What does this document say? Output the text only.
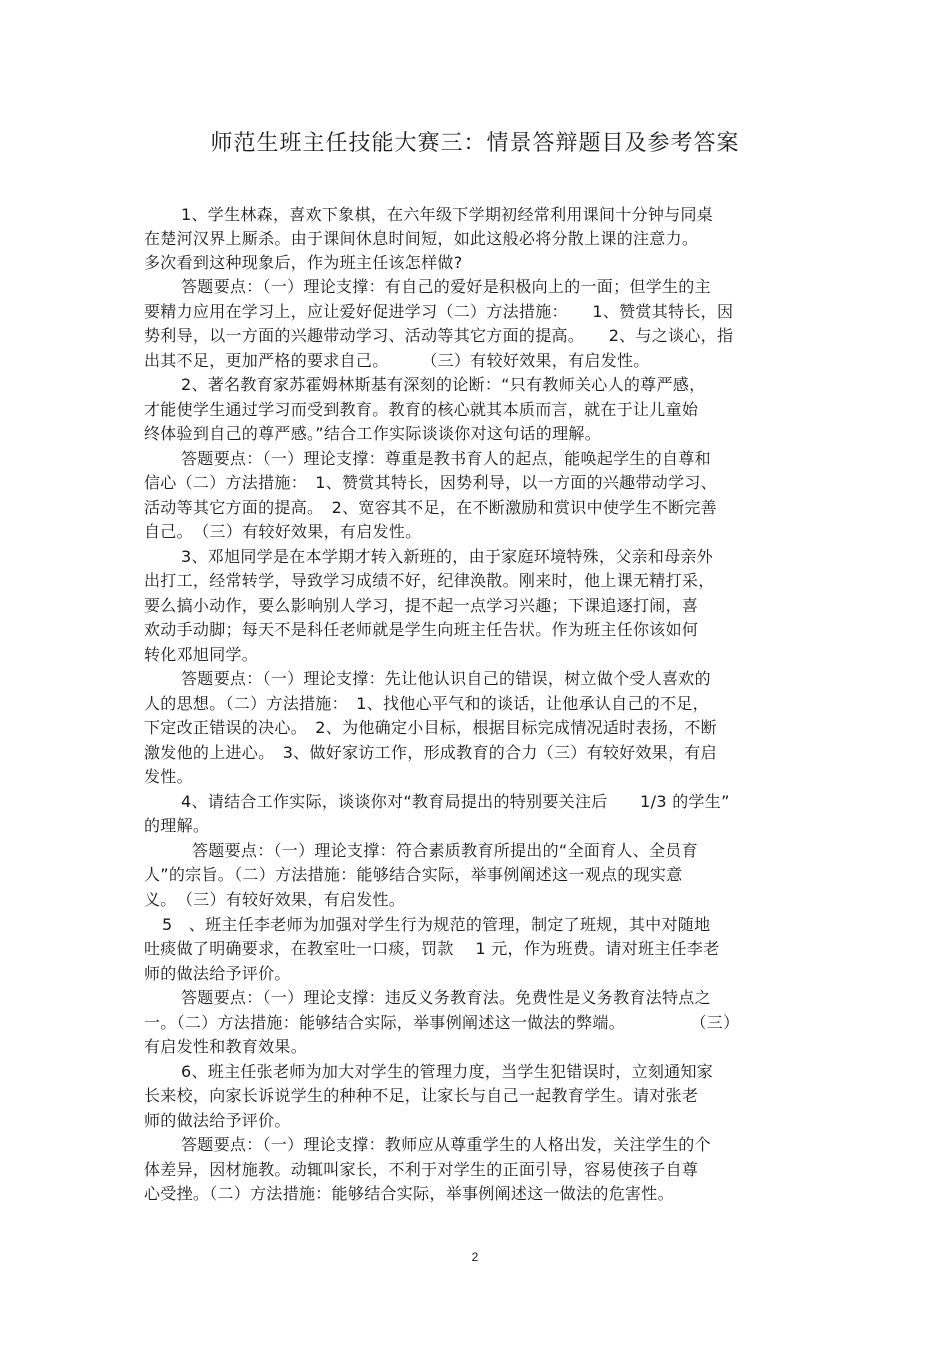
师范生班主任技能大赛三：情景答辩题目及参考答案
1、学生林森，喜欢下象棋，在六年级下学期初经常利用课间十分钟与同桌
在楚河汉界上厮杀。由于课间休息时间短，如此这般必将分散上课的注意力。
多次看到这种现象后，作为班主任该怎样做?
答题要点：（一）理论支撑：有自己的爱好是积极向上的一面；但学生的主
要精力应用在学习上，应让爱好促进学习（二）方法措施：　　1、赞赏其特长，因
势利导，以一方面的兴趣带动学习、活动等其它方面的提高。　　2、与之谈心，指
出其不足，更加严格的要求自己。　　　（三）有较好效果，有启发性。
2、著名教育家苏霍姆林斯基有深刻的论断：“只有教师关心人的尊严感，
才能使学生通过学习而受到教育。教育的核心就其本质而言，就在于让儿童始
终体验到自己的尊严感。”结合工作实际谈谈你对这句话的理解。
答题要点：（一）理论支撑：尊重是教书育人的起点，能唤起学生的自尊和
信心（二）方法措施：　1、赞赏其特长，因势利导，以一方面的兴趣带动学习、
活动等其它方面的提高。　2、宽容其不足，在不断激励和赏识中使学生不断完善
自己。　（三）有较好效果，有启发性。
3、邓旭同学是在本学期才转入新班的，由于家庭环境特殊，父亲和母亲外
出打工，经常转学，导致学习成绩不好，纪律涣散。刚来时，他上课无精打采，
要么搞小动作，要么影响别人学习，提不起一点学习兴趣；下课追逐打闹，喜
欢动手动脚；每天不是科任老师就是学生向班主任告状。作为班主任你该如何
转化邓旭同学。
答题要点：（一）理论支撑：先让他认识自己的错误，树立做个受人喜欢的
人的思想。（二）方法措施：　1、找他心平气和的谈话，让他承认自己的不足，
下定改正错误的决心。　2、为他确定小目标，根据目标完成情况适时表扬，不断
激发他的上进心。　3、做好家访工作，形成教育的合力（三）有较好效果，有启
发性。
4、请结合工作实际，谈谈你对“教育局提出的特别要关注后　　1/3 的学生”
的理解。
答题要点：（一）理论支撑：符合素质教育所提出的“全面育人、全员育
人”的宗旨。（二）方法措施：能够结合实际，举事例阐述这一观点的现实意
义。　（三）有较好效果，有启发性。
5　、班主任李老师为加强对学生行为规范的管理，制定了班规，其中对随地
吐痰做了明确要求，在教室吐一口痰，罚款　 1 元，作为班费。请对班主任李老
师的做法给予评价。
答题要点：（一）理论支撑：违反义务教育法。免费性是义务教育法特点之
一。（二）方法措施：能够结合实际，举事例阐述这一做法的弊端。　　　　　（三）
有启发性和教育效果。
6、班主任张老师为加大对学生的管理力度，当学生犯错误时，立刻通知家
长来校，向家长诉说学生的种种不足，让家长与自己一起教育学生。请对张老
师的做法给予评价。
答题要点：（一）理论支撑：教师应从尊重学生的人格出发，关注学生的个
体差异，因材施教。动辄叫家长，不利于对学生的正面引导，容易使孩子自尊
心受挫。（二）方法措施：能够结合实际，举事例阐述这一做法的危害性。
2
